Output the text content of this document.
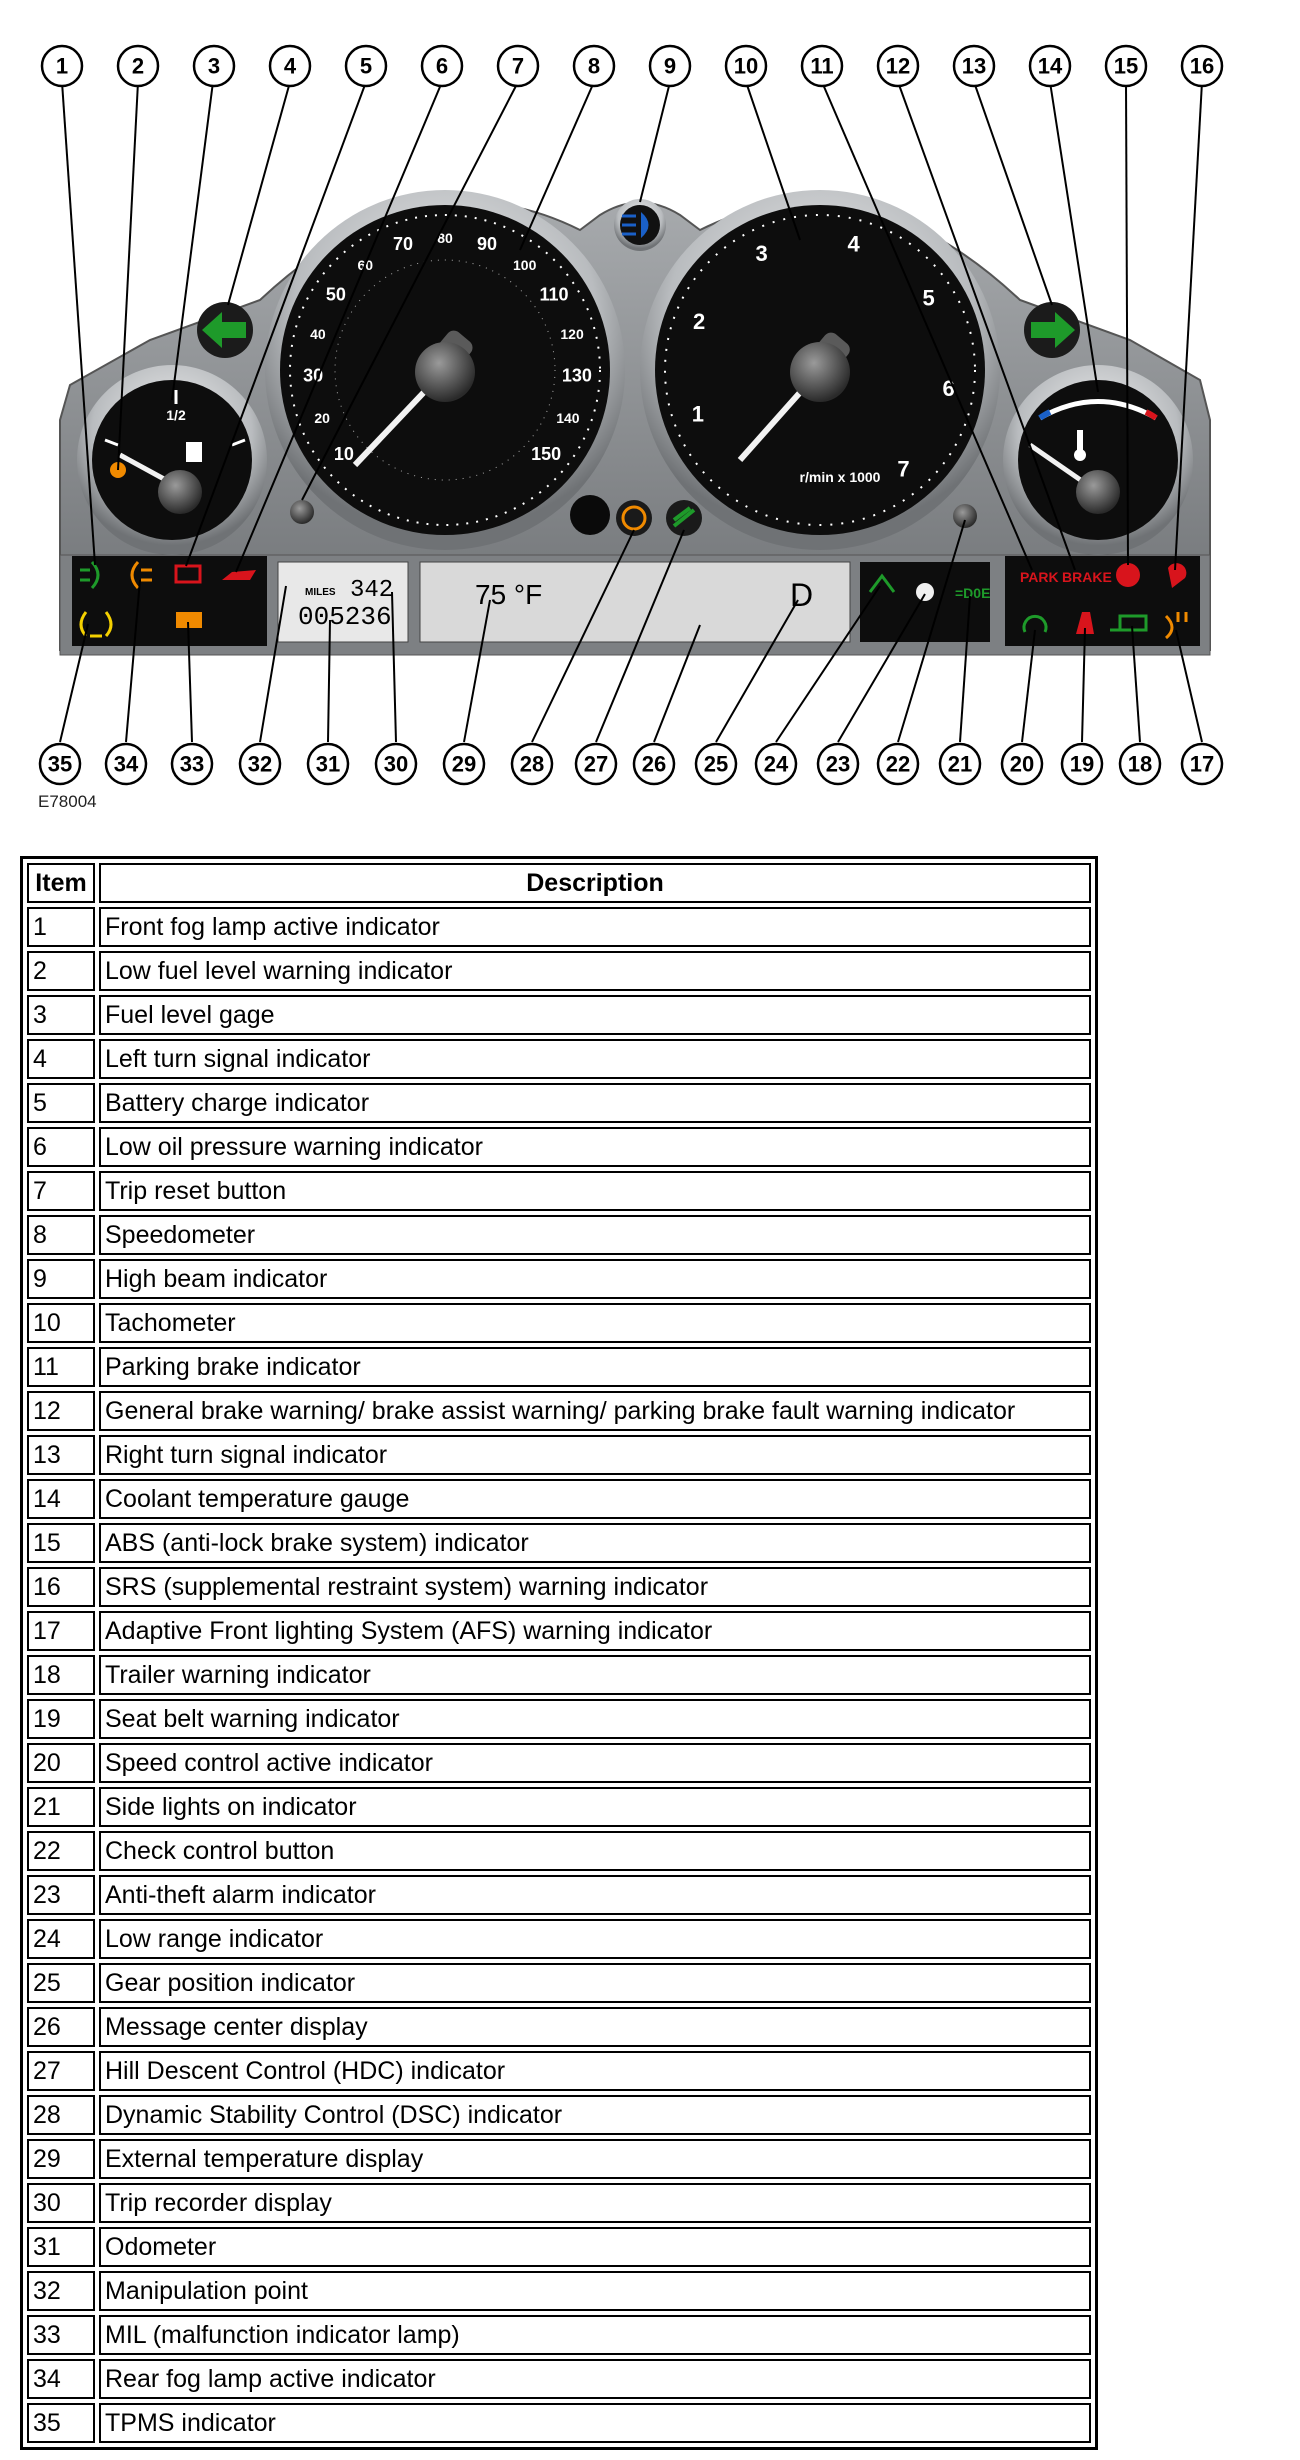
1/2
10
20
30
40
50
60
70 80 90
100
110
120
130
140
150
1
2
3	4
5
6
7
r/min x 1000
MILES 342
005236
75 °F	D	=D0E
PARK BRAKE
1	2	3	4	5	6	7	8	9	10 11 12 13 14 15 16
35 34 33 32 31 30 29 28 27 26 25 24 23 22 21 20 19 18 17
E78004
Item	Description
1	Front fog lamp active indicator
2	Low fuel level warning indicator
3	Fuel level gage
4	Left turn signal indicator
5	Battery charge indicator
6	Low oil pressure warning indicator
7	Trip reset button
8	Speedometer
9	High beam indicator
10	Tachometer
11	Parking brake indicator
12	General brake warning/ brake assist warning/ parking brake fault warning indicator
13	Right turn signal indicator
14	Coolant temperature gauge
15	ABS (anti-lock brake system) indicator
16	SRS (supplemental restraint system) warning indicator
17	Adaptive Front lighting System (AFS) warning indicator
18	Trailer warning indicator
19	Seat belt warning indicator
20	Speed control active indicator
21	Side lights on indicator
22	Check control button
23	Anti-theft alarm indicator
24	Low range indicator
25	Gear position indicator
26	Message center display
27	Hill Descent Control (HDC) indicator
28	Dynamic Stability Control (DSC) indicator
29	External temperature display
30	Trip recorder display
31	Odometer
32	Manipulation point
33	MIL (malfunction indicator lamp)
34	Rear fog lamp active indicator
35	TPMS indicator
